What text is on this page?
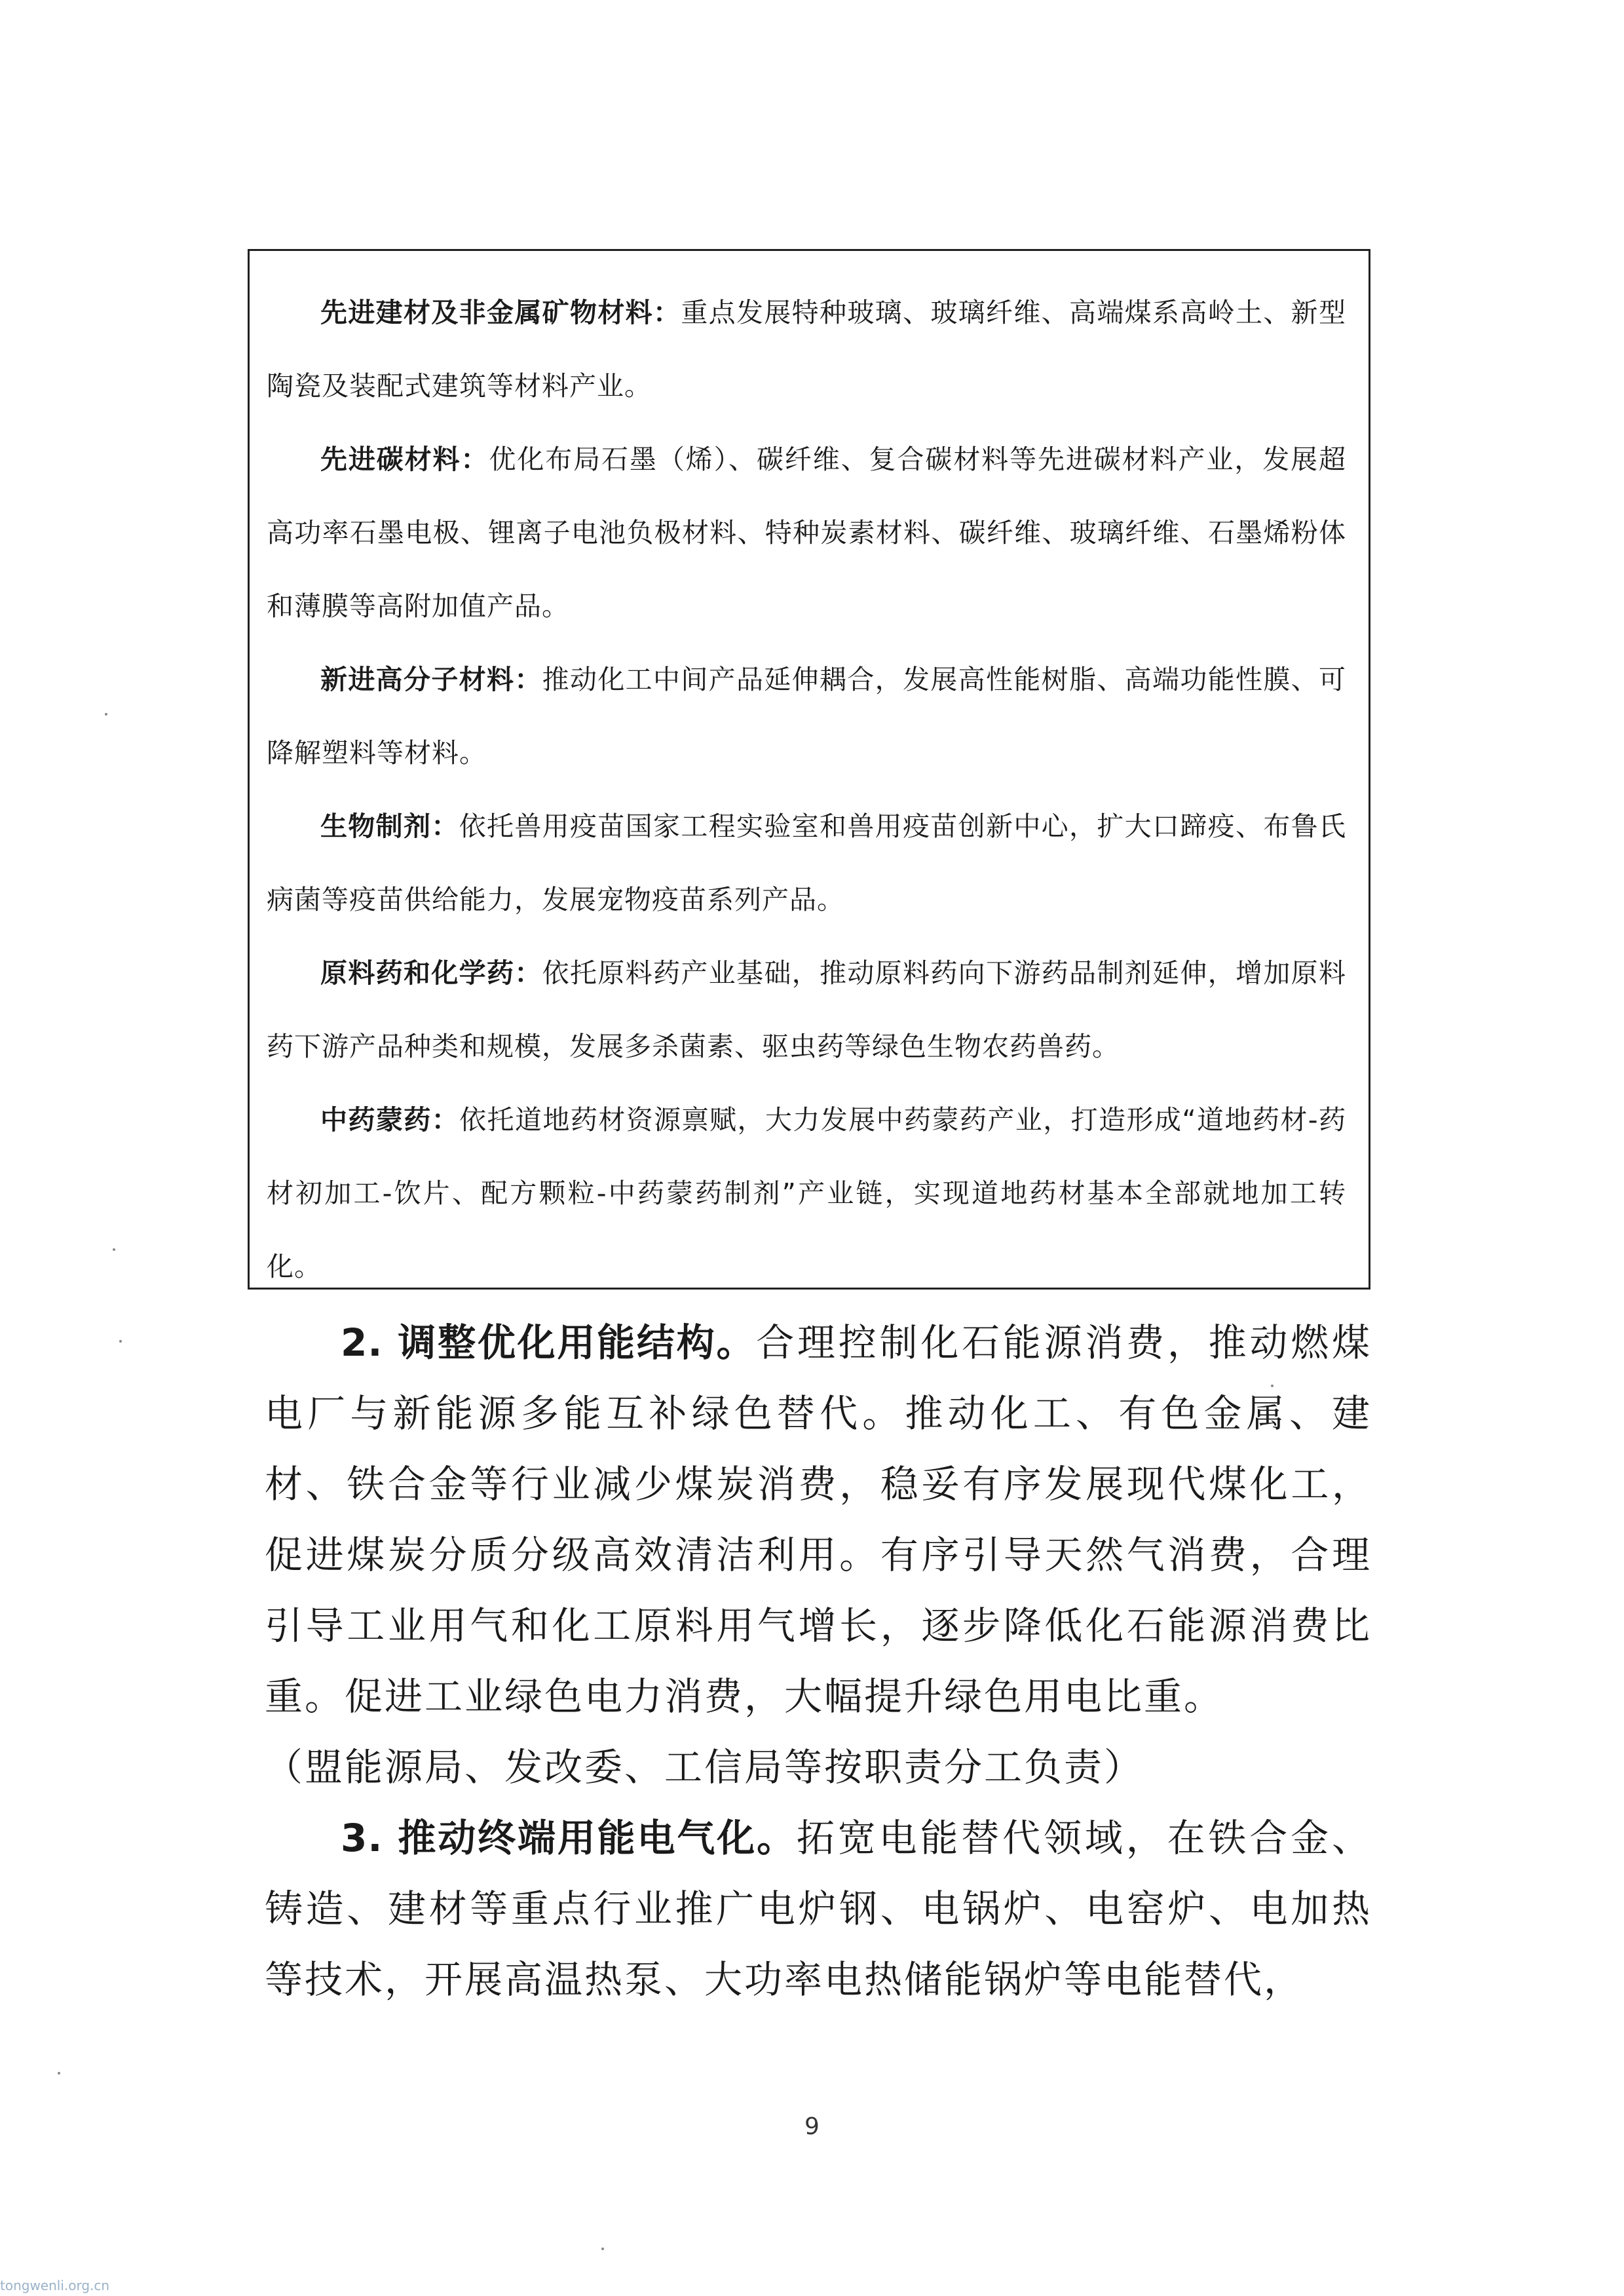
先进建材及非金属矿物材料：重点发展特种玻璃、玻璃纤维、高端煤系高岭土、新型陶瓷及装配式建筑等材料产业。

先进碳材料：优化布局石墨（烯）、碳纤维、复合碳材料等先进碳材料产业，发展超高功率石墨电极、锂离子电池负极材料、特种炭素材料、碳纤维、玻璃纤维、石墨烯粉体和薄膜等高附加值产品。

新进高分子材料：推动化工中间产品延伸耦合，发展高性能树脂、高端功能性膜、可降解塑料等材料。

生物制剂：依托兽用疫苗国家工程实验室和兽用疫苗创新中心，扩大口蹄疫、布鲁氏病菌等疫苗供给能力，发展宠物疫苗系列产品。

原料药和化学药：依托原料药产业基础，推动原料药向下游药品制剂延伸，增加原料药下游产品种类和规模，发展多杀菌素、驱虫药等绿色生物农药兽药。

中药蒙药：依托道地药材资源禀赋，大力发展中药蒙药产业，打造形成“道地药材-药材初加工-饮片、配方颗粒-中药蒙药制剂”产业链，实现道地药材基本全部就地加工转化。

2. 调整优化用能结构。合理控制化石能源消费，推动燃煤电厂与新能源多能互补绿色替代。推动化工、有色金属、建材、铁合金等行业减少煤炭消费，稳妥有序发展现代煤化工，促进煤炭分质分级高效清洁利用。有序引导天然气消费，合理引导工业用气和化工原料用气增长，逐步降低化石能源消费比重。促进工业绿色电力消费，大幅提升绿色用电比重。
（盟能源局、发改委、工信局等按职责分工负责）

3. 推动终端用能电气化。拓宽电能替代领域，在铁合金、铸造、建材等重点行业推广电炉钢、电锅炉、电窑炉、电加热等技术，开展高温热泵、大功率电热储能锅炉等电能替代，

9
tongwenli.org.cn
